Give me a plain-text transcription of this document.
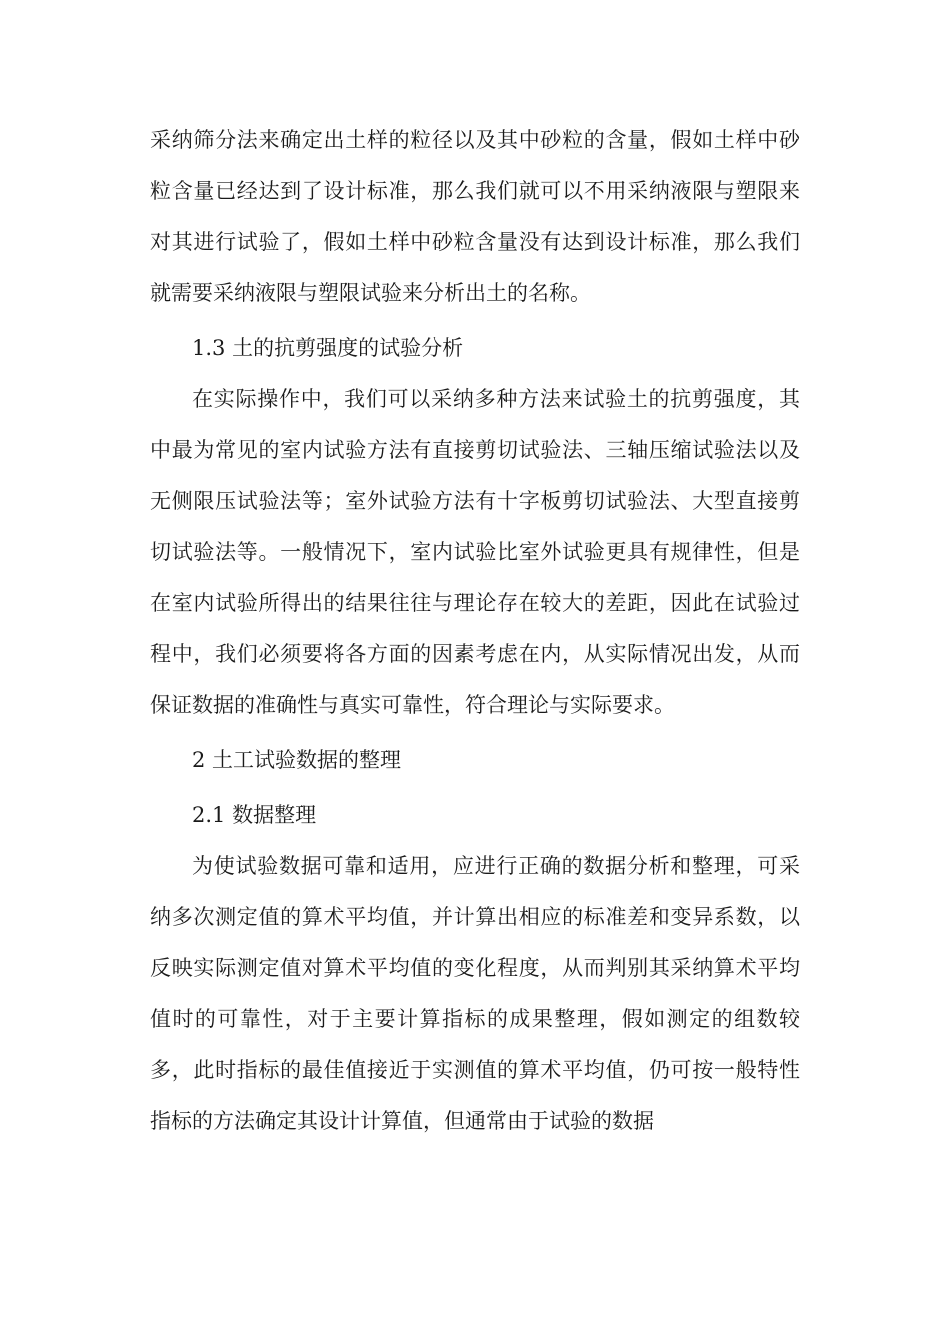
采纳筛分法来确定出土样的粒径以及其中砂粒的含量，假如土样中砂粒含量已经达到了设计标准，那么我们就可以不用采纳液限与塑限来对其进行试验了，假如土样中砂粒含量没有达到设计标准，那么我们就需要采纳液限与塑限试验来分析出土的名称。

1.3 土的抗剪强度的试验分析

在实际操作中，我们可以采纳多种方法来试验土的抗剪强度，其中最为常见的室内试验方法有直接剪切试验法、三轴压缩试验法以及无侧限压试验法等；室外试验方法有十字板剪切试验法、大型直接剪切试验法等。一般情况下，室内试验比室外试验更具有规律性，但是在室内试验所得出的结果往往与理论存在较大的差距，因此在试验过程中，我们必须要将各方面的因素考虑在内，从实际情况出发，从而保证数据的准确性与真实可靠性，符合理论与实际要求。

2 土工试验数据的整理

2.1 数据整理

为使试验数据可靠和适用，应进行正确的数据分析和整理，可采纳多次测定值的算术平均值，并计算出相应的标准差和变异系数，以反映实际测定值对算术平均值的变化程度，从而判别其采纳算术平均值时的可靠性，对于主要计算指标的成果整理，假如测定的组数较多，此时指标的最佳值接近于实测值的算术平均值，仍可按一般特性指标的方法确定其设计计算值，但通常由于试验的数据
